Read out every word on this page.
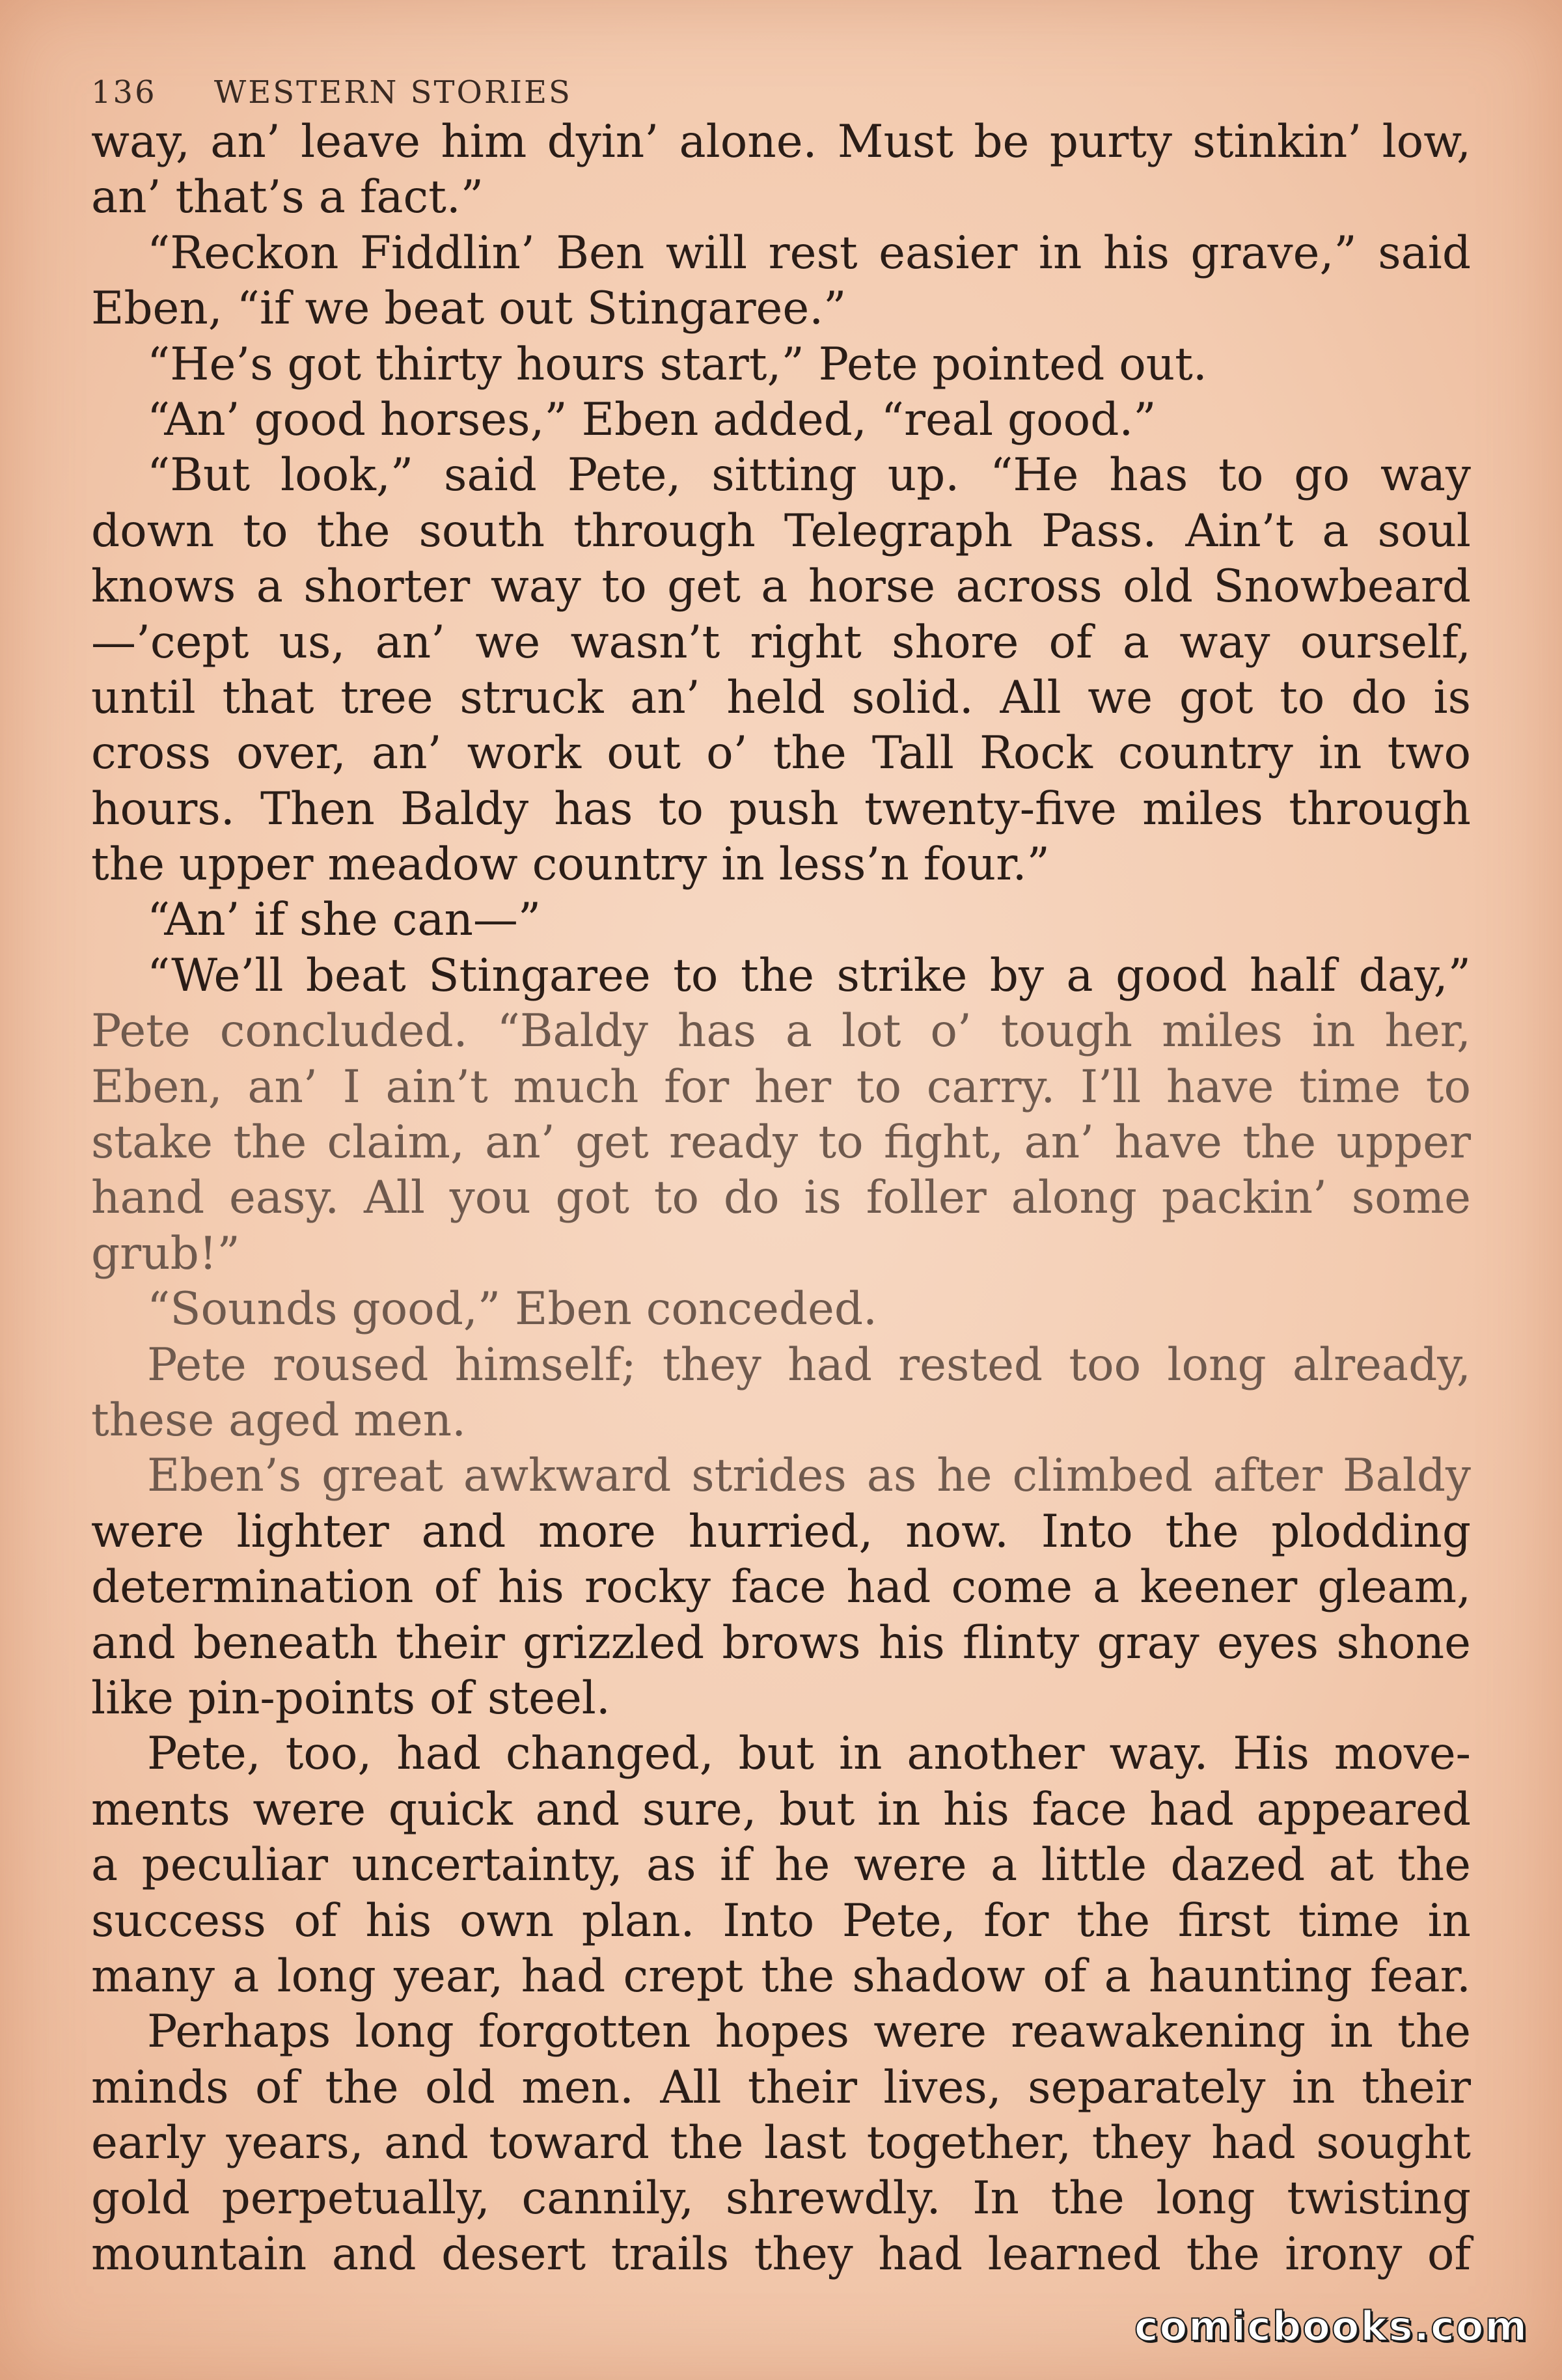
136 WESTERN STORIES
way, an’ leave him dyin’ alone. Must be purty stinkin’ low,
an’ that’s a fact.”
“Reckon Fiddlin’ Ben will rest easier in his grave,” said
Eben, “if we beat out Stingaree.”
“He’s got thirty hours start,” Pete pointed out.
“An’ good horses,” Eben added, “real good.”
“But look,” said Pete, sitting up. “He has to go way
down to the south through Telegraph Pass. Ain’t a soul
knows a shorter way to get a horse across old Snowbeard
—’cept us, an’ we wasn’t right shore of a way ourself,
until that tree struck an’ held solid. All we got to do is
cross over, an’ work out o’ the Tall Rock country in two
hours. Then Baldy has to push twenty-five miles through
the upper meadow country in less’n four.”
“An’ if she can—”
“We’ll beat Stingaree to the strike by a good half day,”
Pete concluded. “Baldy has a lot o’ tough miles in her,
Eben, an’ I ain’t much for her to carry. I’ll have time to
stake the claim, an’ get ready to fight, an’ have the upper
hand easy. All you got to do is foller along packin’ some
grub!”
“Sounds good,” Eben conceded.
Pete roused himself; they had rested too long already,
these aged men.
Eben’s great awkward strides as he climbed after Baldy
were lighter and more hurried, now. Into the plodding
determination of his rocky face had come a keener gleam,
and beneath their grizzled brows his flinty gray eyes shone
like pin-points of steel.
Pete, too, had changed, but in another way. His move-
ments were quick and sure, but in his face had appeared
a peculiar uncertainty, as if he were a little dazed at the
success of his own plan. Into Pete, for the first time in
many a long year, had crept the shadow of a haunting fear.
Perhaps long forgotten hopes were reawakening in the
minds of the old men. All their lives, separately in their
early years, and toward the last together, they had sought
gold perpetually, cannily, shrewdly. In the long twisting
mountain and desert trails they had learned the irony of
comicbooks.com
